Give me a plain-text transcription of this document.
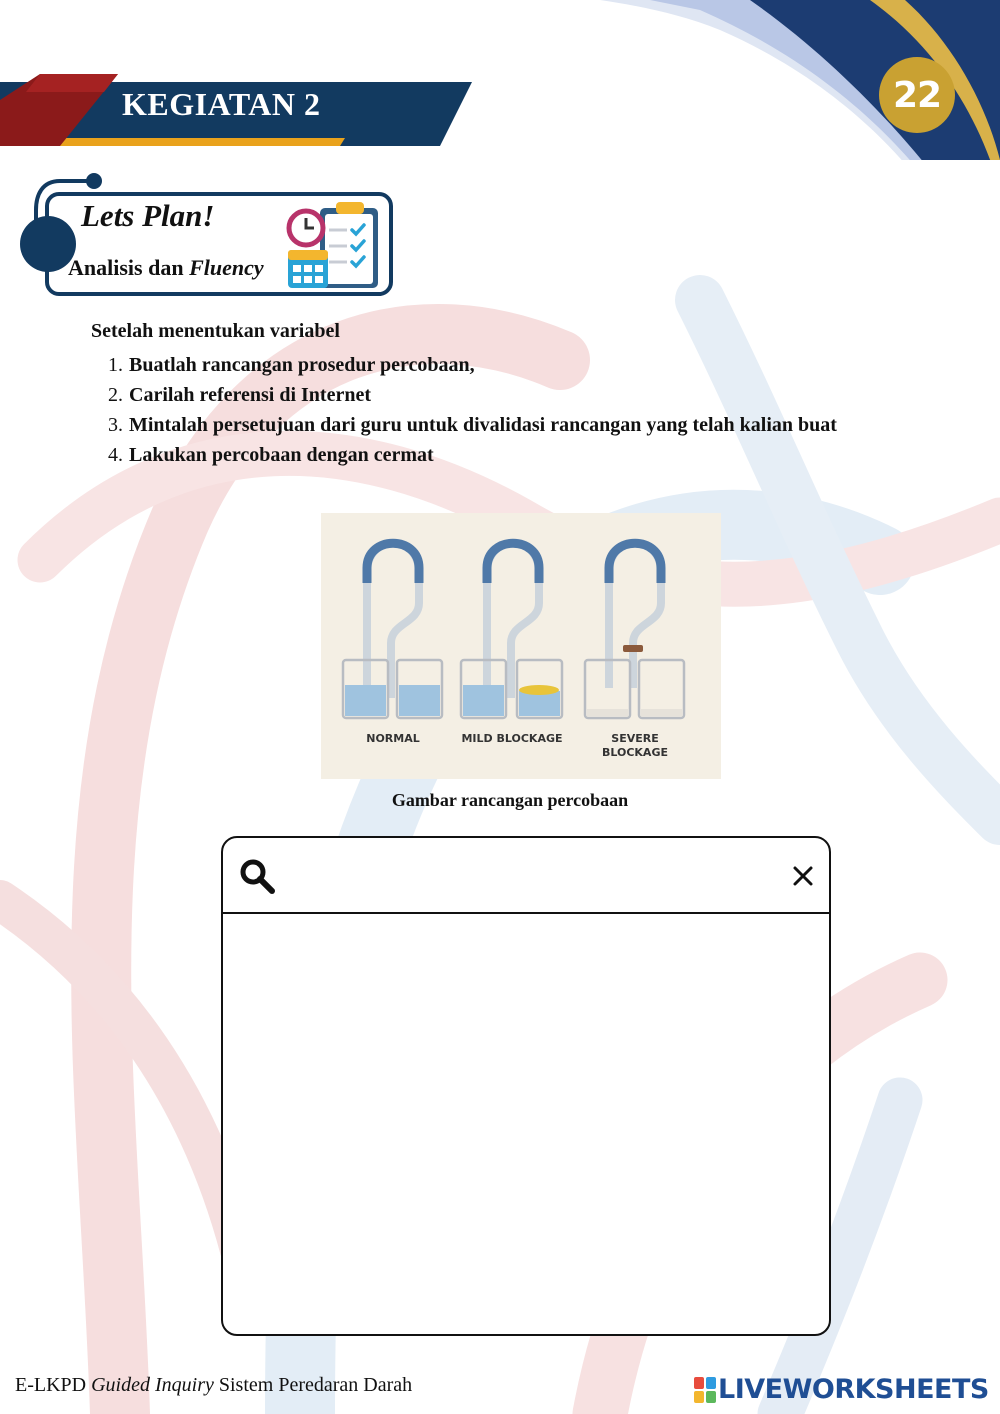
KEGIATAN 2	22
Lets Plan!
Analisis dan Fluency
Setelah menentukan variabel
1. Buatlah rancangan prosedur percobaan,
2. Carilah referensi di Internet
3. Mintalah persetujuan dari guru untuk divalidasi rancangan yang telah kalian buat
4. Lakukan percobaan dengan cermat
NORMAL	MILD BLOCKAGE	SEVERE BLOCKAGE
Gambar rancangan percobaan
E-LKPD Guided Inquiry Sistem Peredaran Darah	LIVEWORKSHEETS
